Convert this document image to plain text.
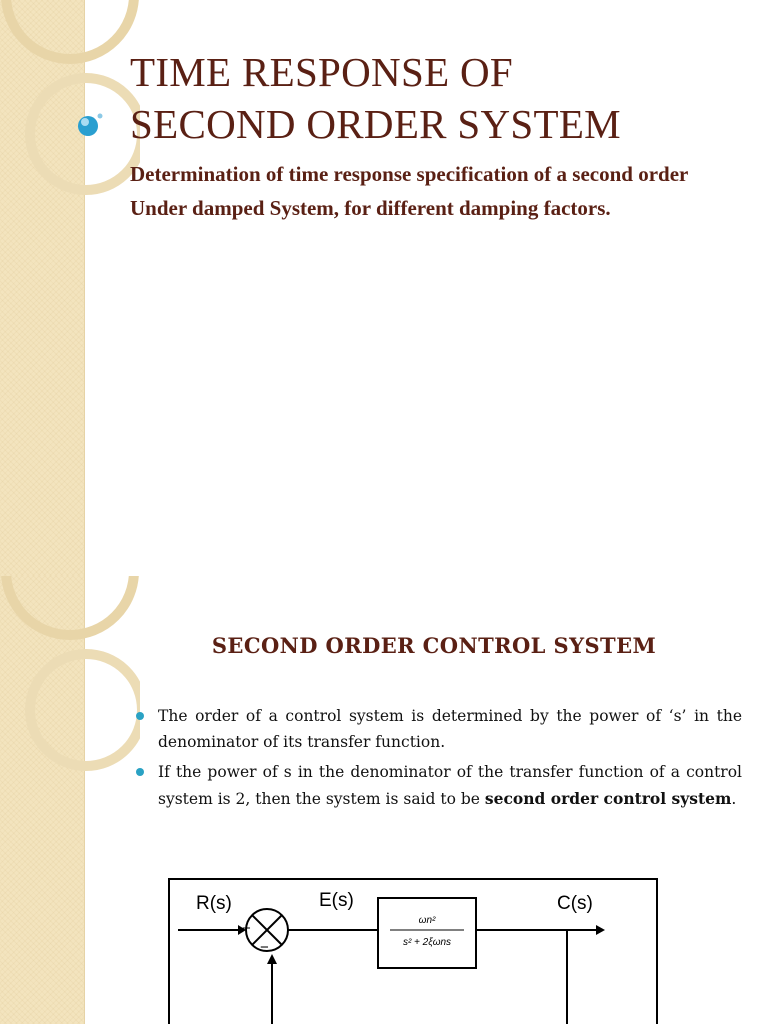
TIME RESPONSE OF
SECOND ORDER SYSTEM

Determination of time response specification of a second order Under damped System, for different damping factors.

SECOND ORDER CONTROL SYSTEM
The order of a control system is determined by the power of ‘s’ in the denominator of its transfer function.
If the power of s in the denominator of the transfer function of a control system is 2, then the system is said to be second order control system.
+
−
ωn²
s² + 2ξωns
R(s)	E(s)	C(s)
